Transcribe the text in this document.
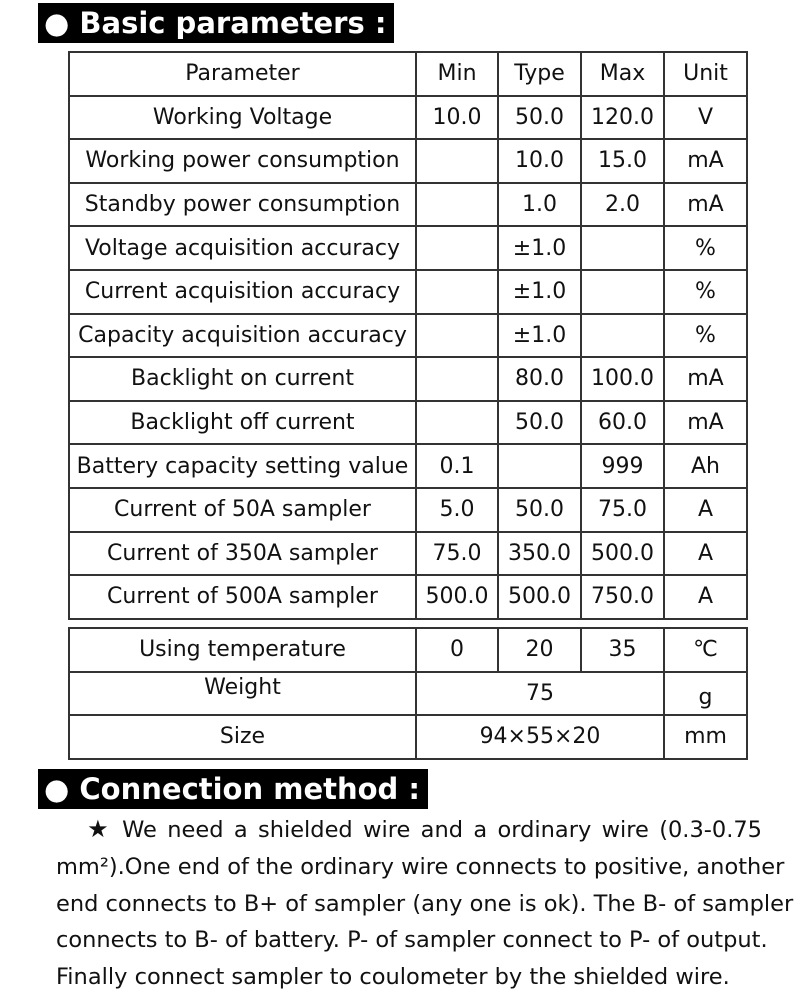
● Basic parameters :
Parameter	Min	Type	Max	Unit
Working Voltage	10.0	50.0	120.0	V
Working power consumption		10.0	15.0	mA
Standby power consumption		1.0	2.0	mA
Voltage acquisition accuracy		±1.0		%
Current acquisition accuracy		±1.0		%
Capacity acquisition accuracy		±1.0		%
Backlight on current		80.0	100.0	mA
Backlight off current		50.0	60.0	mA
Battery capacity setting value	0.1		999	Ah
Current of 50A sampler	5.0	50.0	75.0	A
Current of 350A sampler	75.0	350.0	500.0	A
Current of 500A sampler	500.0	500.0	750.0	A
Using temperature	0	20	35	℃
Weight	75			g
Size	94×55×20			mm
● Connection method :
★ We need a shielded wire and a ordinary wire (0.3-0.75
mm²).One end of the ordinary wire connects to positive, another
end connects to B+ of sampler (any one is ok). The B- of sampler
connects to B- of battery. P- of sampler connect to P- of output.
Finally connect sampler to coulometer by the shielded wire.
